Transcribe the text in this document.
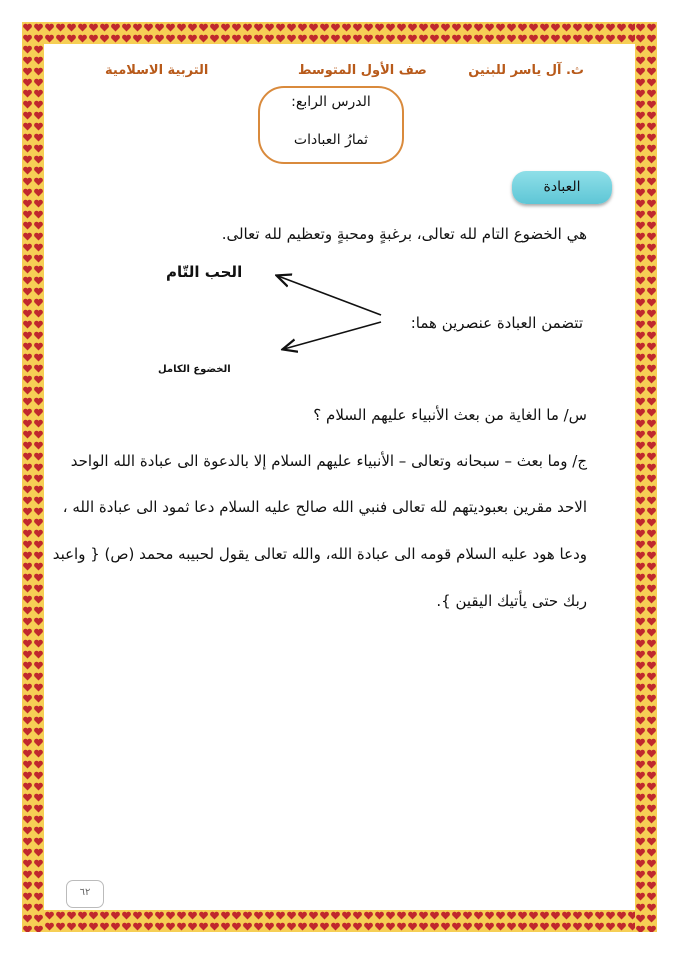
ث. آل ياسر للبنين
صف الأول المتوسط
التربية الاسلامية
الدرس الرابع:
ثمارُ العبادات
العبادة
هي الخضوع التام لله تعالى، برغبةٍ ومحبةٍ وتعظيم لله تعالى.
الحب التّام
تتضمن العبادة عنصرين هما:
الخضوع الكامل
س/ ما الغاية من بعث الأنبياء عليهم السلام ؟
ج/ وما بعث – سبحانه وتعالى – الأنبياء عليهم السلام إلا بالدعوة الى عبادة الله الواحد
الاحد مقرين بعبوديتهم لله تعالى فنبي الله صالح عليه السلام دعا ثمود الى عبادة الله ،
ودعا هود عليه السلام قومه الى عبادة الله، والله تعالى يقول لحبيبه محمد (ص) { واعبد
ربك حتى يأتيك اليقين }.
٦٢
